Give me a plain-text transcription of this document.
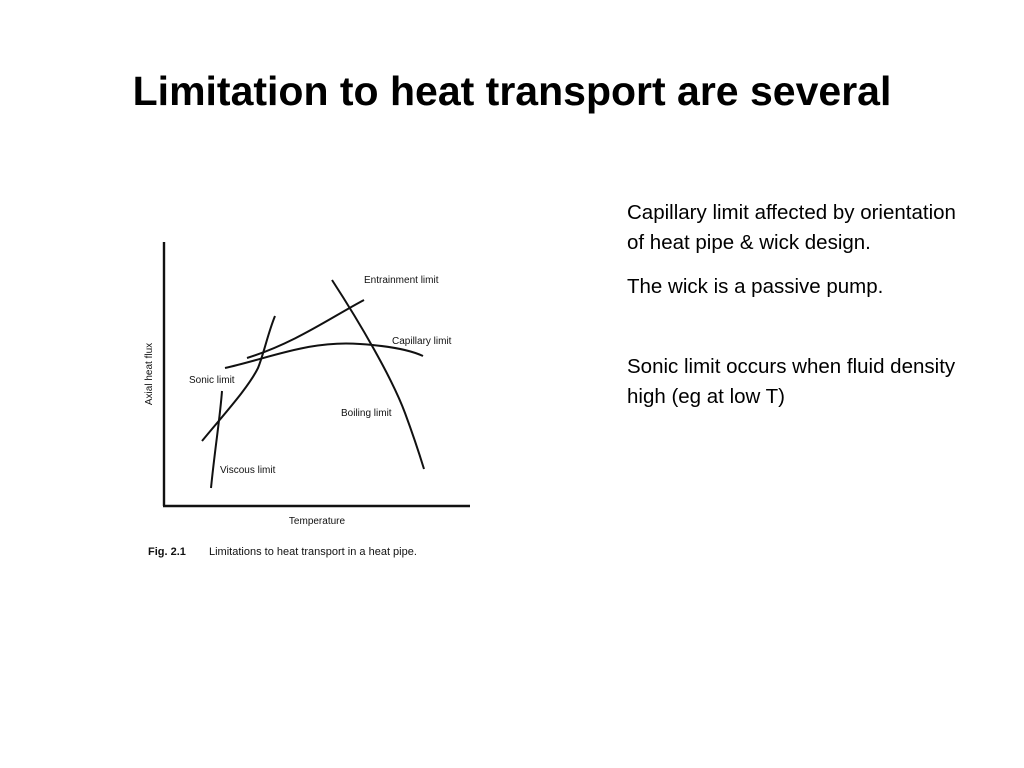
Limitation to heat transport are several
Temperature
Axial heat flux
Entrainment limit
Capillary limit
Sonic limit
Boiling limit
Viscous limit
Fig. 2.1 Limitations to heat transport in a heat pipe.

Capillary limit affected by orientation of heat pipe & wick design.

The wick is a passive pump.

Sonic limit occurs when fluid density high (eg at low T)
